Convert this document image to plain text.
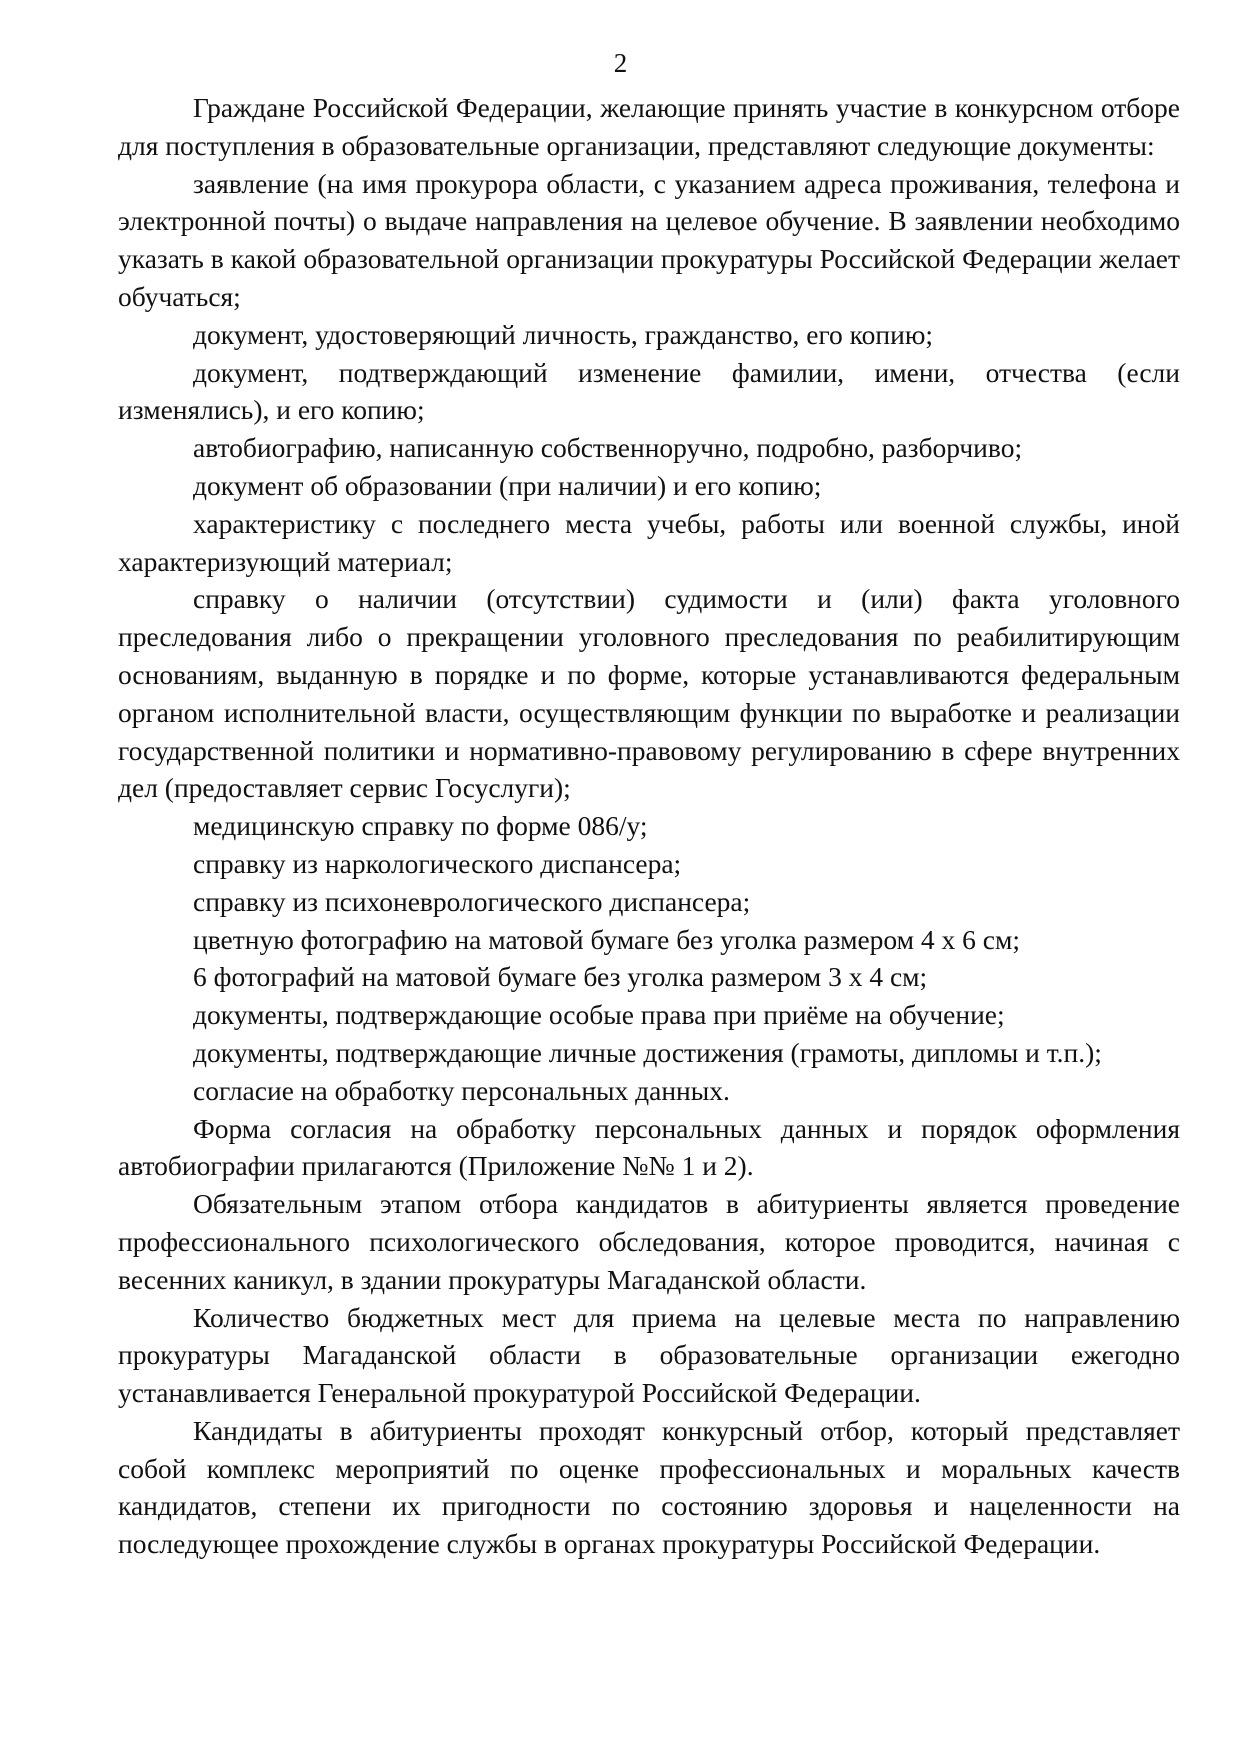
2

Граждане Российской Федерации, желающие принять участие в конкурсном отборе для поступления в образовательные организации, представляют следующие документы:

заявление (на имя прокурора области, с указанием адреса проживания, телефона и электронной почты) о выдаче направления на целевое обучение. В заявлении необходимо указать в какой образовательной организации прокуратуры Российской Федерации желает обучаться;

документ, удостоверяющий личность, гражданство, его копию;

документ, подтверждающий изменение фамилии, имени, отчества (если изменялись), и его копию;

автобиографию, написанную собственноручно, подробно, разборчиво;

документ об образовании (при наличии) и его копию;

характеристику с последнего места учебы, работы или военной службы, иной характеризующий материал;

справку о наличии (отсутствии) судимости и (или) факта уголовного преследования либо о прекращении уголовного преследования по реабилитирующим основаниям, выданную в порядке и по форме, которые устанавливаются федеральным органом исполнительной власти, осуществляющим функции по выработке и реализации государственной политики и нормативно-правовому регулированию в сфере внутренних дел (предоставляет сервис Госуслуги);

медицинскую справку по форме 086/у;

справку из наркологического диспансера;

справку из психоневрологического диспансера;

цветную фотографию на матовой бумаге без уголка размером 4 х 6 см;

6 фотографий на матовой бумаге без уголка размером 3 х 4 см;

документы, подтверждающие особые права при приёме на обучение;

документы, подтверждающие личные достижения (грамоты, дипломы и т.п.);

согласие на обработку персональных данных.

Форма согласия на обработку персональных данных и порядок оформления автобиографии прилагаются (Приложение №№ 1 и 2).

Обязательным этапом отбора кандидатов в абитуриенты является проведение профессионального психологического обследования, которое проводится, начиная с весенних каникул, в здании прокуратуры Магаданской области.

Количество бюджетных мест для приема на целевые места по направлению прокуратуры Магаданской области в образовательные организации ежегодно устанавливается Генеральной прокуратурой Российской Федерации.

Кандидаты в абитуриенты проходят конкурсный отбор, который представляет собой комплекс мероприятий по оценке профессиональных и моральных качеств кандидатов, степени их пригодности по состоянию здоровья и нацеленности на последующее прохождение службы в органах прокуратуры Российской Федерации.
